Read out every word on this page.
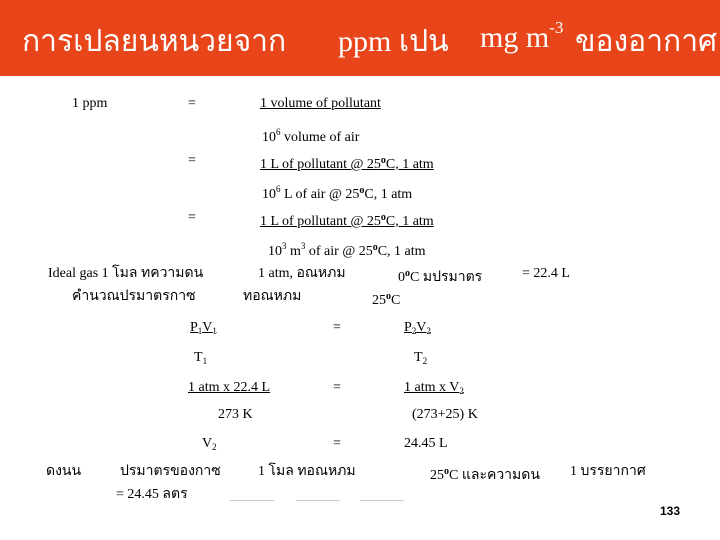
การเปลยนหนวยจาก ppm เปน mg $m^{-3}$ ของอากาศ
1 ppm	=	1 volume of pollutant
$10^6$ volume of air
=	1 L of pollutant @ 25$^o$C, 1 atm
$10^6$ L of air @ 25$^o$C, 1 atm
=	1 L of pollutant @ 25$^o$C, 1 atm
$10^3$ $m^3$ of air @ 25$^o$C, 1 atm
Ideal gas 1 โมล ทความดน	1 atm, อณหภม	0$^o$C มปรมาตร	= 22.4 L
คำนวณปรมาตรกาซ	ทอณหภม	25$^o$C
$P_1V_1$	=	$P_2V_2$
$T_1$	$T_2$
1 atm x 22.4 L	=	1 atm x $V_2$
273 K	(273+25) K
$V_2$	=	24.45 L
ดงนน	ปรมาตรของกาซ	1 โมล ทอณหภม	25$^o$C และความดน 1 บรรยากาศ
= 24.45 ลตร
133
